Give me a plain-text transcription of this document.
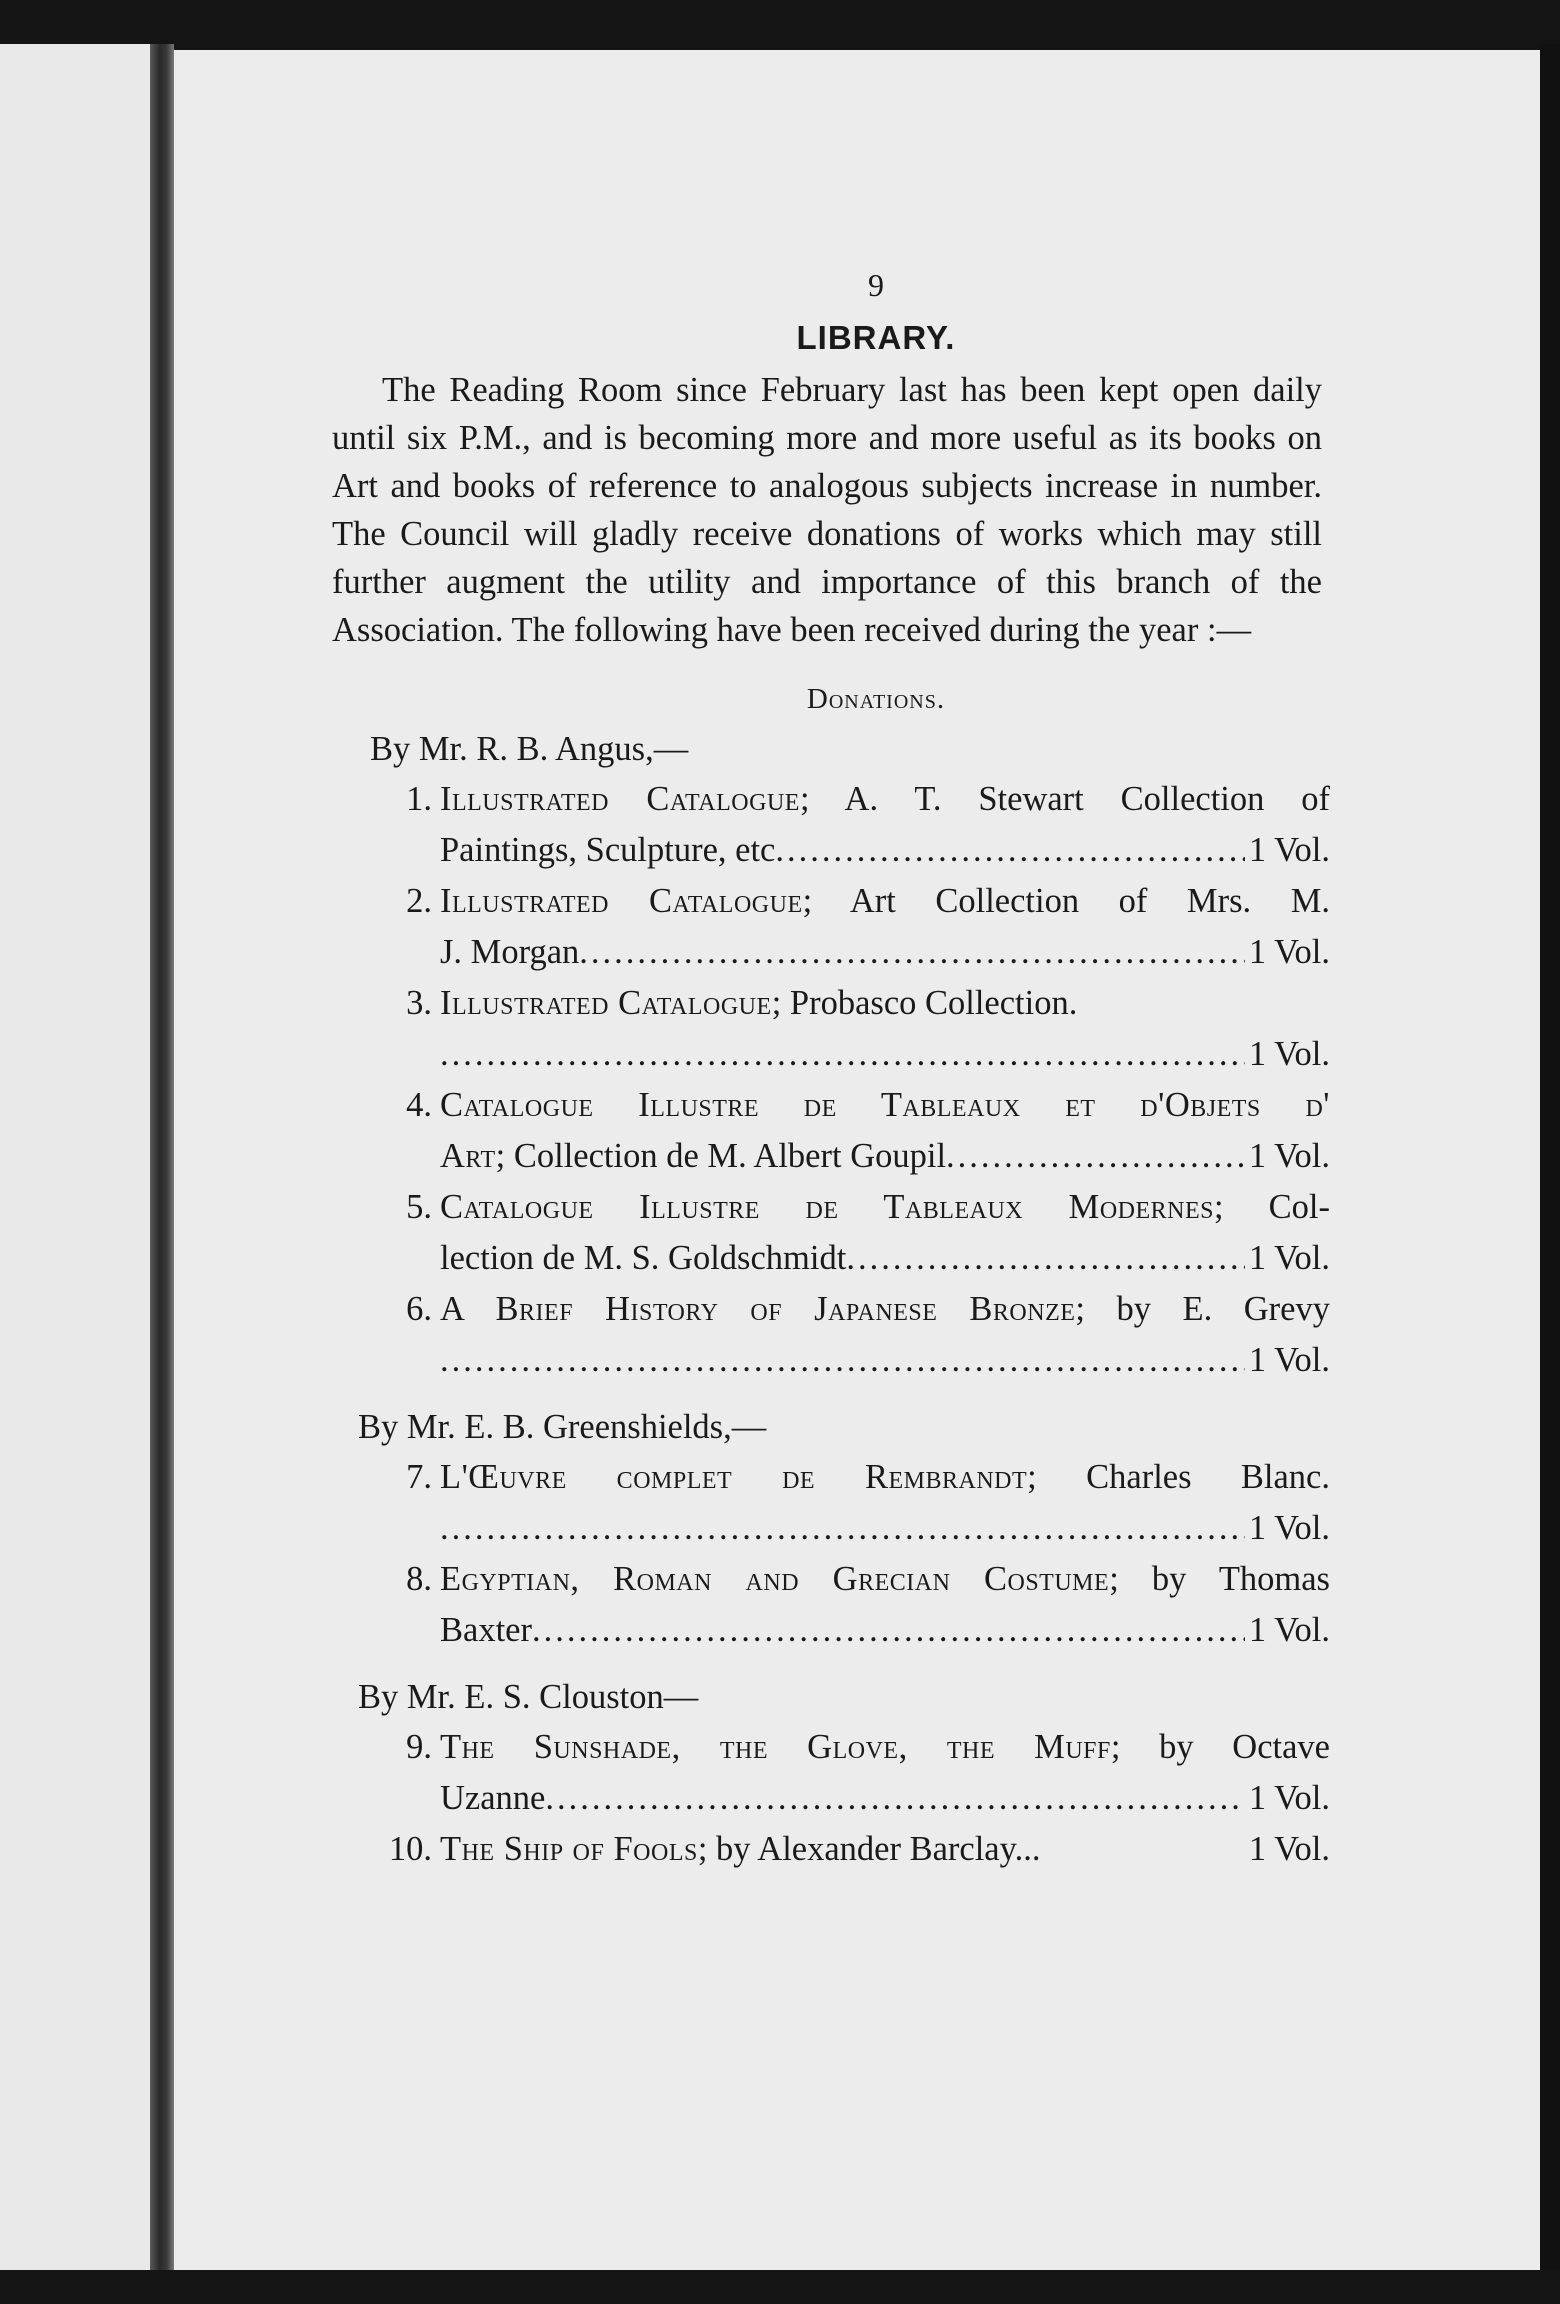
9
LIBRARY.
The Reading Room since February last has been kept open daily until six P.M., and is becoming more and more useful as its books on Art and books of reference to analogous subjects increase in number. The Council will gladly receive donations of works which may still further augment the utility and importance of this branch of the Association. The following have been received during the year :—
Donations.
By Mr. R. B. Angus,—
1. Illustrated Catalogue; A. T. Stewart Collection of
Paintings, Sculpture, etc .....	1 Vol.
2. Illustrated Catalogue; Art Collection of Mrs. M.
J. Morgan .....	1 Vol.
3. Illustrated Catalogue; Probasco Collection.
.....
1 Vol.
4. Catalogue Illustre de Tableaux et d'Objets d'
Art; Collection de M. Albert Goupil .....	1 Vol.
5. Catalogue Illustre de Tableaux Modernes; Col-
lection de M. S. Goldschmidt .....	1 Vol.
6. A Brief History of Japanese Bronze; by E. Grevy
.....
1 Vol.
By Mr. E. B. Greenshields,—
7. L'Œuvre complet de Rembrandt; Charles Blanc.
.....
1 Vol.
8. Egyptian, Roman and Grecian Costume; by Thomas
Baxter .....	1 Vol.
By Mr. E. S. Clouston—
9. The Sunshade, the Glove, the Muff; by Octave
Uzanne .....	1 Vol.
10. The Ship of Fools; by Alexander Barclay...	1 Vol.
